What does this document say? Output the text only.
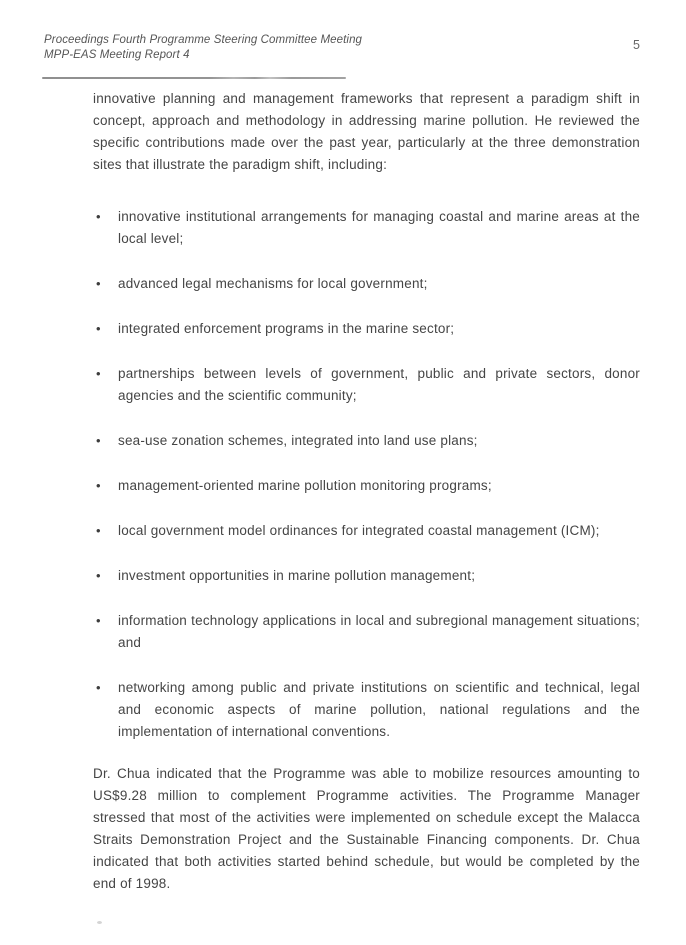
Proceedings Fourth Programme Steering Committee Meeting
MPP-EAS Meeting Report 4
5

innovative planning and management frameworks that represent a paradigm shift in concept, approach and methodology in addressing marine pollution. He reviewed the specific contributions made over the past year, particularly at the three demonstration sites that illustrate the paradigm shift, including:

•	innovative institutional arrangements for managing coastal and marine areas at the local level;
•	advanced legal mechanisms for local government;
•	integrated enforcement programs in the marine sector;
•	partnerships between levels of government, public and private sectors, donor agencies and the scientific community;
•	sea-use zonation schemes, integrated into land use plans;
•	management-oriented marine pollution monitoring programs;
•	local government model ordinances for integrated coastal management (ICM);
•	investment opportunities in marine pollution management;
•	information technology applications in local and subregional management situations; and
•	networking among public and private institutions on scientific and technical, legal and economic aspects of marine pollution, national regulations and the implementation of international conventions.

Dr. Chua indicated that the Programme was able to mobilize resources amounting to US$9.28 million to complement Programme activities. The Programme Manager stressed that most of the activities were implemented on schedule except the Malacca Straits Demonstration Project and the Sustainable Financing components. Dr. Chua indicated that both activities started behind schedule, but would be completed by the end of 1998.
